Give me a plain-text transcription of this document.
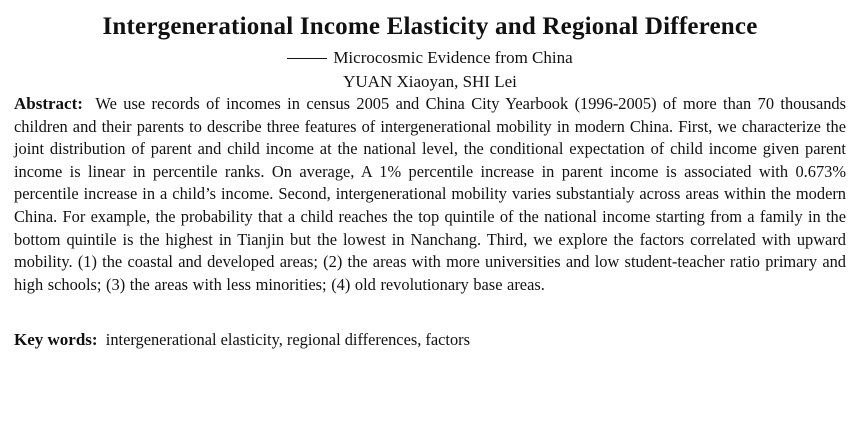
Intergenerational Income Elasticity and Regional Difference
Microcosmic Evidence from China
YUAN Xiaoyan, SHI Lei

Abstract: We use records of incomes in census 2005 and China City Yearbook (1996-2005) of more than 70 thousands children and their parents to describe three features of intergenerational mobility in modern China. First, we characterize the joint distribution of parent and child income at the national level, the conditional expectation of child income given parent income is linear in percentile ranks. On average, A 1% percentile increase in parent income is associated with 0.673% percentile increase in a child’s income. Second, intergenerational mobility varies substantialy across areas within the modern China. For example, the probability that a child reaches the top quintile of the national income starting from a family in the bottom quintile is the highest in Tianjin but the lowest in Nanchang. Third, we explore the factors correlated with upward mobility. (1) the coastal and developed areas; (2) the areas with more universities and low student-teacher ratio primary and high schools; (3) the areas with less minorities; (4) old revolutionary base areas.

Key words: intergenerational elasticity, regional differences, factors
